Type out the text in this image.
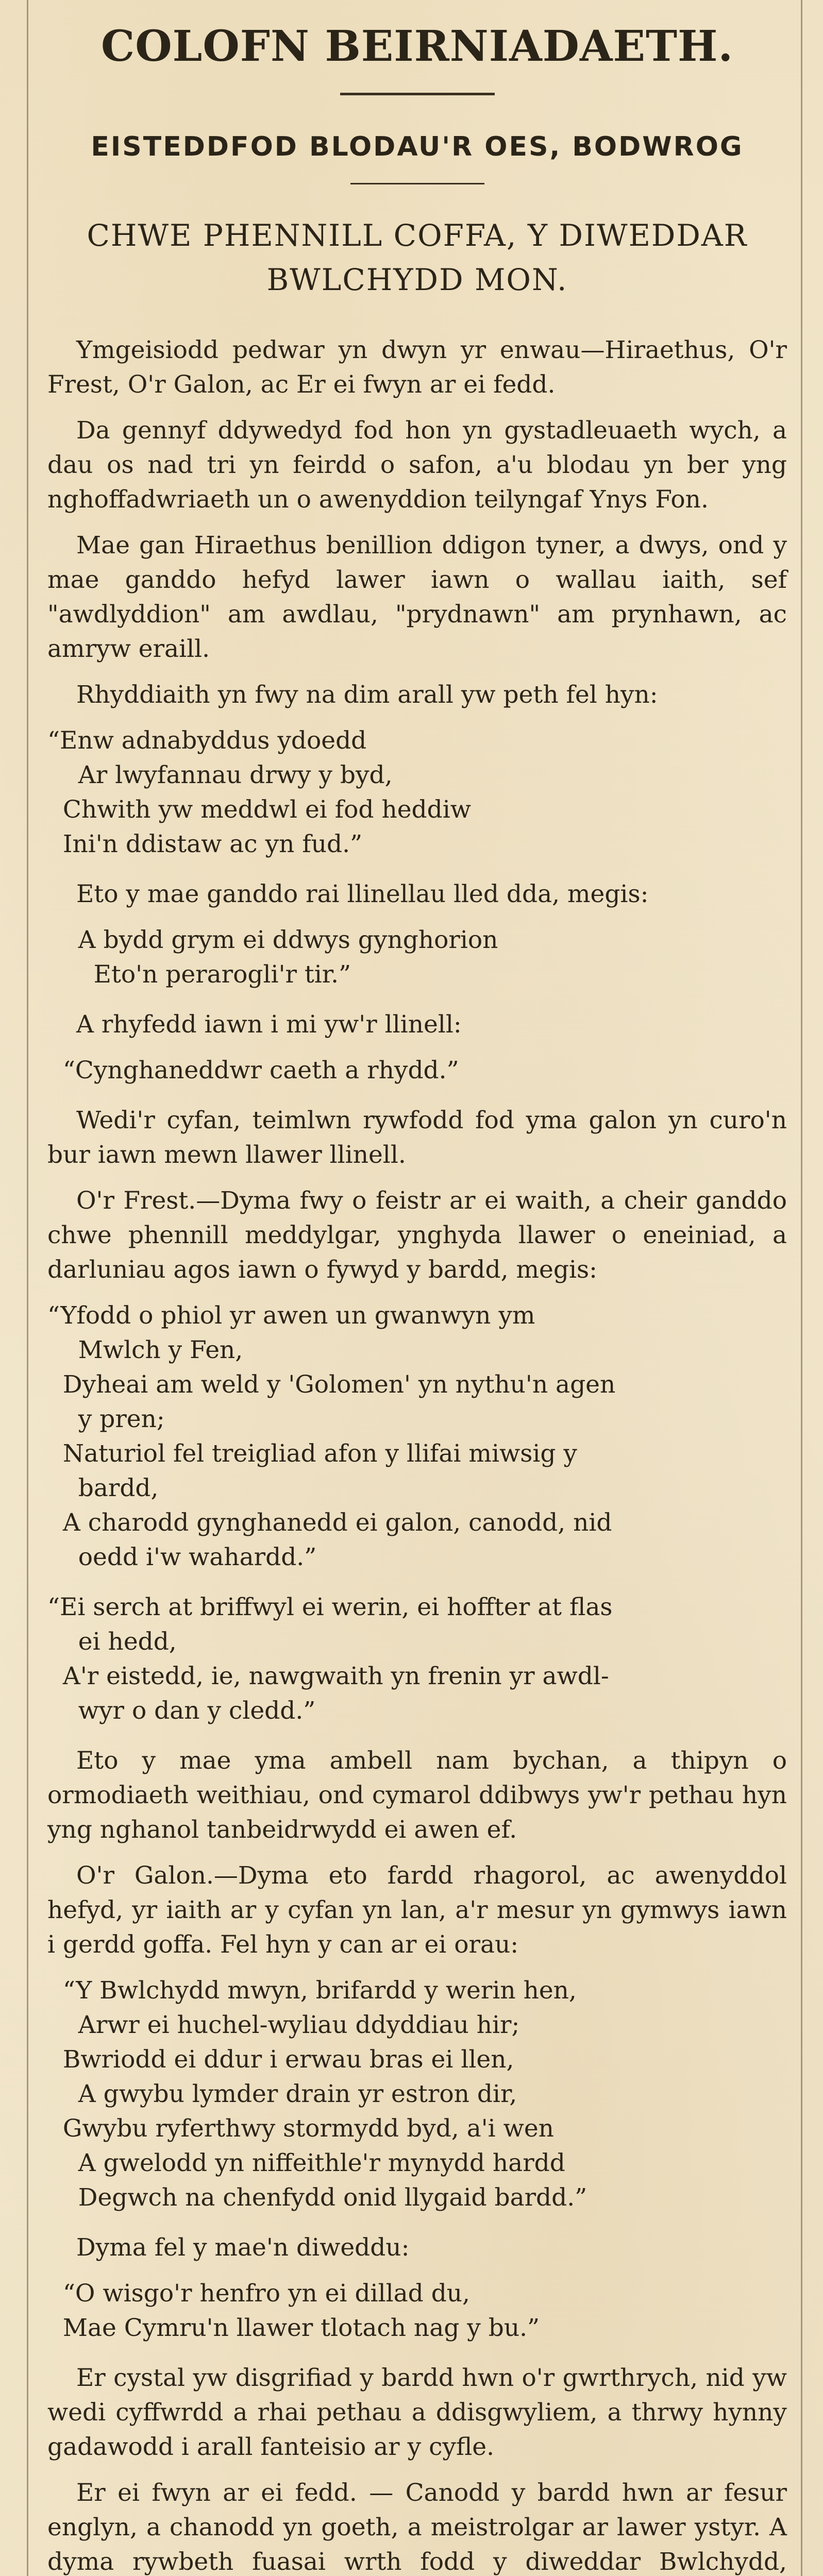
COLOFN BEIRNIADAETH.
EISTEDDFOD BLODAU'R OES, BODWROG
CHWE PHENNILL COFFA, Y DIWEDDAR
BWLCHYDD MON.

Ymgeisiodd pedwar yn dwyn yr enwau—Hiraethus, O'r Frest, O'r Galon, ac Er ei fwyn ar ei fedd.

Da gennyf ddywedyd fod hon yn gystadleuaeth wych, a dau os nad tri yn feirdd o safon, a'u blodau yn ber yng nghoffadwriaeth un o awenyddion teilyngaf Ynys Fon.

Mae gan Hiraethus benillion ddigon tyner, a dwys, ond y mae ganddo hefyd lawer iawn o wallau iaith, sef "awdlyddion" am awdlau, "prydnawn" am prynhawn, ac amryw eraill.

Rhyddiaith yn fwy na dim arall yw peth fel hyn:

“Enw adnabyddus ydoedd
Ar lwyfannau drwy y byd,
Chwith yw meddwl ei fod heddiw
Ini'n ddistaw ac yn fud.”

Eto y mae ganddo rai llinellau lled dda, megis:

A bydd grym ei ddwys gynghorion
Eto'n perarogli'r tir.”

A rhyfedd iawn i mi yw'r llinell:

“Cynghaneddwr caeth a rhydd.”

Wedi'r cyfan, teimlwn rywfodd fod yma galon yn curo'n bur iawn mewn llawer llinell.

O'r Frest.—Dyma fwy o feistr ar ei waith, a cheir ganddo chwe phennill meddylgar, ynghyda llawer o eneiniad, a darluniau agos iawn o fywyd y bardd, megis:

“Yfodd o phiol yr awen un gwanwyn ym
Mwlch y Fen,
Dyheai am weld y 'Golomen' yn nythu'n agen
y pren;
Naturiol fel treigliad afon y llifai miwsig y
bardd,
A charodd gynghanedd ei galon, canodd, nid
oedd i'w wahardd.”
“Ei serch at briffwyl ei werin, ei hoffter at flas
ei hedd,
A'r eistedd, ie, nawgwaith yn frenin yr awdl-
wyr o dan y cledd.”

Eto y mae yma ambell nam bychan, a thipyn o ormodiaeth weithiau, ond cymarol ddibwys yw'r pethau hyn yng nghanol tanbeidrwydd ei awen ef.

O'r Galon.—Dyma eto fardd rhagorol, ac awenyddol hefyd, yr iaith ar y cyfan yn lan, a'r mesur yn gymwys iawn i gerdd goffa. Fel hyn y can ar ei orau:

“Y Bwlchydd mwyn, brifardd y werin hen,
Arwr ei huchel-wyliau ddyddiau hir;
Bwriodd ei ddur i erwau bras ei llen,
A gwybu lymder drain yr estron dir,
Gwybu ryferthwy stormydd byd, a'i wen
A gwelodd yn niffeithle'r mynydd hardd
Degwch na chenfydd onid llygaid bardd.”

Dyma fel y mae'n diweddu:

“O wisgo'r henfro yn ei dillad du,
Mae Cymru'n llawer tlotach nag y bu.”

Er cystal yw disgrifiad y bardd hwn o'r gwrthrych, nid yw wedi cyffwrdd a rhai pethau a ddisgwyliem, a thrwy hynny gadawodd i arall fanteisio ar y cyfle.

Er ei fwyn ar ei fedd. — Canodd y bardd hwn ar fesur englyn, a chanodd yn goeth, a meistrolgar ar lawer ystyr. A dyma rywbeth fuasai wrth fodd y diweddar Bwlchydd,
